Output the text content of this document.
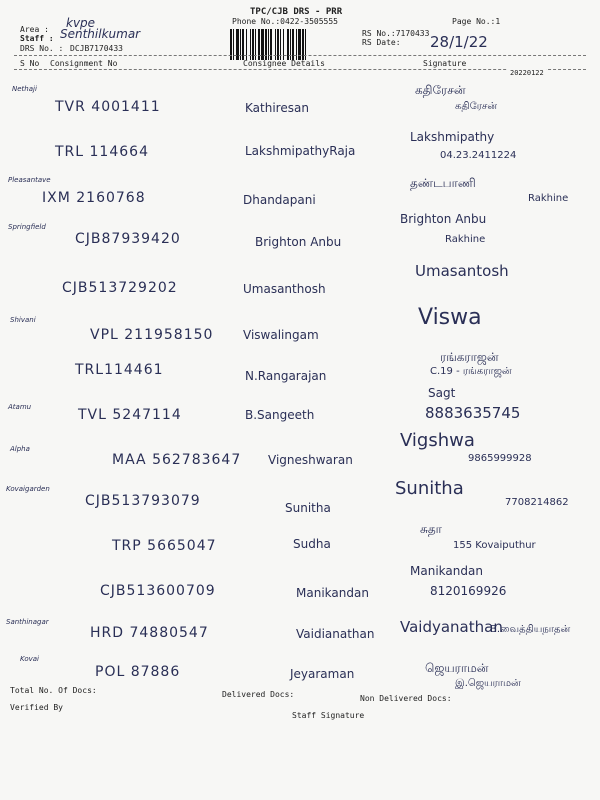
Area : kvpe
Staff : Senthilkumar
DRS No. : DCJB7170433
TPC/CJB DRS - PRR
Phone No.:0422-3505555
RS No.:7170433
RS Date: 28/1/22
Page No.:1
S No Consignment No	Consignee Details	Signature
20220122
Nethaji
TVR 4001411	Kathiresan
கதிரேசன்
கதிரேசன்
TRL 114664	LakshmipathyRaja
Lakshmipathy
04.23.2411224
Pleasantave
IXM 2160768	Dhandapani
தண்டபாணி
Rakhine
Springfield
CJB87939420	Brighton Anbu
Brighton Anbu
Rakhine
CJB513729202	Umasanthosh
Umasantosh
Shivani
VPL 211958150 Viswalingam
Viswa
TRL114461	N.Rangarajan
ரங்கராஜன்
C.19 - ரங்கராஜன்
Atamu	TVL 5247114	B.Sangeeth
Sagt
8883635745
Alpha
MAA 562783647 Vigneshwaran
Vigshwa
9865999928
Kovaigarden
CJB513793079	Sunitha
Sunitha
7708214862
TRP 5665047	Sudha
சுதா
155 Kovaiputhur
CJB513600709	Manikandan
Manikandan
8120169926
Santhinagar
HRD 74880547	Vaidianathan Vaidyanathan
B.வைத்தியநாதன்
Kovai
POL 87886	Jeyaraman	ஜெயராமன்
இ.ஜெயராமன்
Total No. Of Docs:	Delivered Docs:	Non Delivered Docs:
Verified By
Staff Signature
